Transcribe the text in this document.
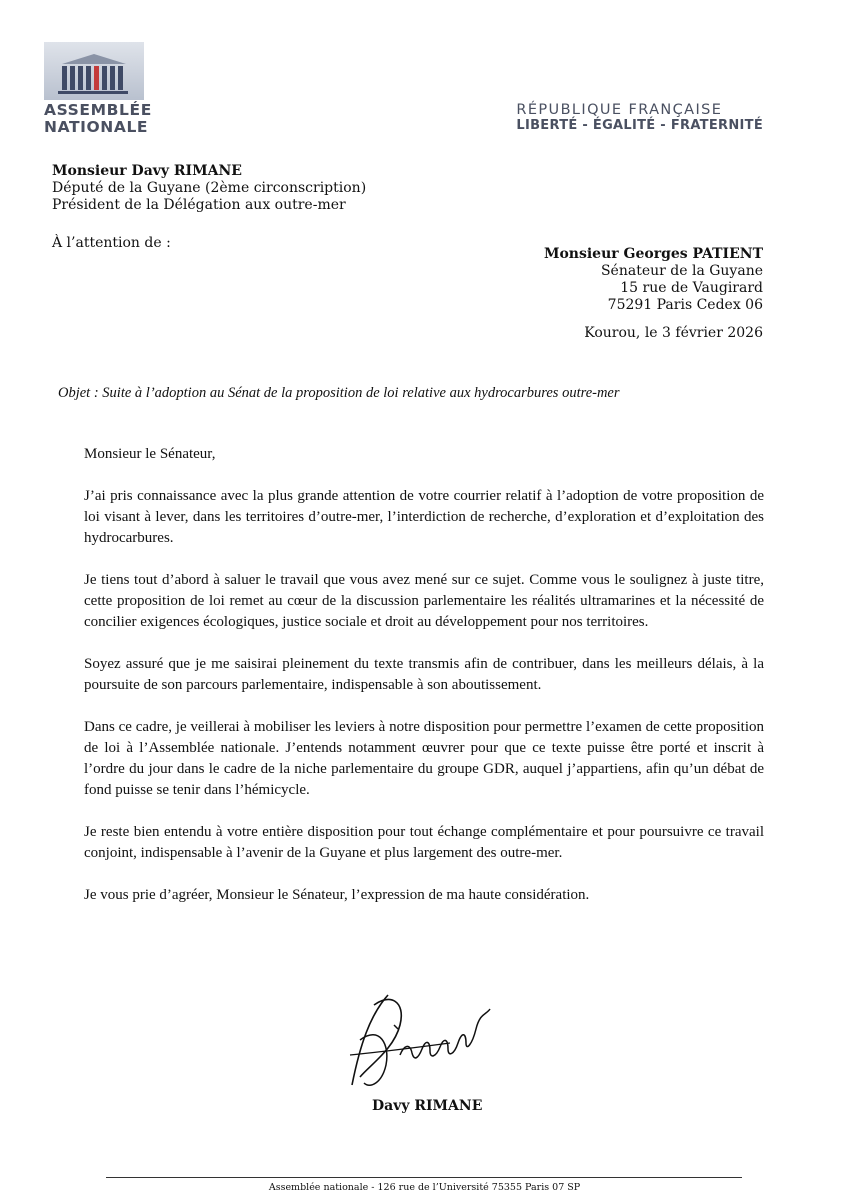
ASSEMBLÉE
NATIONALE
RÉPUBLIQUE FRANÇAISE
LIBERTÉ - ÉGALITÉ - FRATERNITÉ
Monsieur Davy RIMANE
Député de la Guyane (2ème circonscription)
Président de la Délégation aux outre-mer
À l’attention de :
Monsieur Georges PATIENT
Sénateur de la Guyane
15 rue de Vaugirard
75291 Paris Cedex 06
Kourou, le 3 février 2026
Objet : Suite à l’adoption au Sénat de la proposition de loi relative aux hydrocarbures outre-mer

Monsieur le Sénateur,

J’ai pris connaissance avec la plus grande attention de votre courrier relatif à l’adoption de votre proposition de loi visant à lever, dans les territoires d’outre-mer, l’interdiction de recherche, d’exploration et d’exploitation des hydrocarbures.

Je tiens tout d’abord à saluer le travail que vous avez mené sur ce sujet. Comme vous le soulignez à juste titre, cette proposition de loi remet au cœur de la discussion parlementaire les réalités ultramarines et la nécessité de concilier exigences écologiques, justice sociale et droit au développement pour nos territoires.

Soyez assuré que je me saisirai pleinement du texte transmis afin de contribuer, dans les meilleurs délais, à la poursuite de son parcours parlementaire, indispensable à son aboutissement.

Dans ce cadre, je veillerai à mobiliser les leviers à notre disposition pour permettre l’examen de cette proposition de loi à l’Assemblée nationale. J’entends notamment œuvrer pour que ce texte puisse être porté et inscrit à l’ordre du jour dans le cadre de la niche parlementaire du groupe GDR, auquel j’appartiens, afin qu’un débat de fond puisse se tenir dans l’hémicycle.

Je reste bien entendu à votre entière disposition pour tout échange complémentaire et pour poursuivre ce travail conjoint, indispensable à l’avenir de la Guyane et plus largement des outre-mer.

Je vous prie d’agréer, Monsieur le Sénateur, l’expression de ma haute considération.

Davy RIMANE
Assemblée nationale - 126 rue de l’Université 75355 Paris 07 SP
